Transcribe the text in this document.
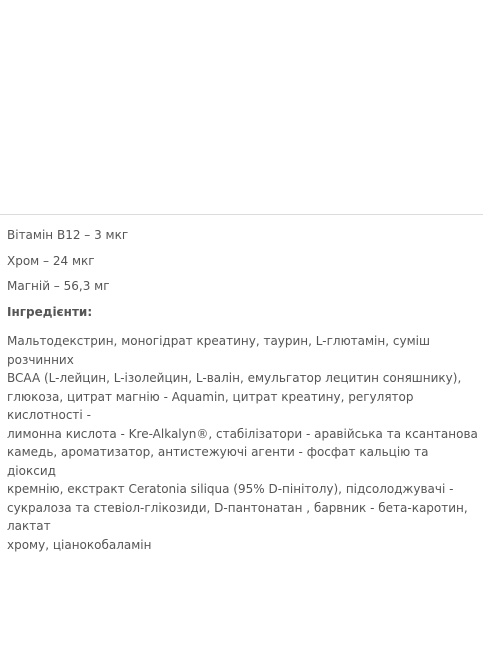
Вітамін B12 – 3 мкг
Хром – 24 мкг
Магній – 56,3 мг
Інгредієнти:

Мальтодекстрин, моногідрат креатину, таурин, L-глютамін, суміш розчинних
BCAA (L-лейцин, L-ізолейцин, L-валін, емульгатор лецитин соняшнику),
глюкоза, цитрат магнію - Aquamin, цитрат креатину, регулятор кислотності -
лимонна кислота - Kre-Alkalyn®, стабілізатори - аравійська та ксантанова
камедь, ароматизатор, антистежуючі агенти - фосфат кальцію та діоксид
кремнію, екстракт Ceratonia siliqua (95% D-пінітолу), підсолоджувачі -
сукралоза та стевіол-глікозиди, D-пантонатан , барвник - бета-каротин, лактат
хрому, ціанокобаламін
